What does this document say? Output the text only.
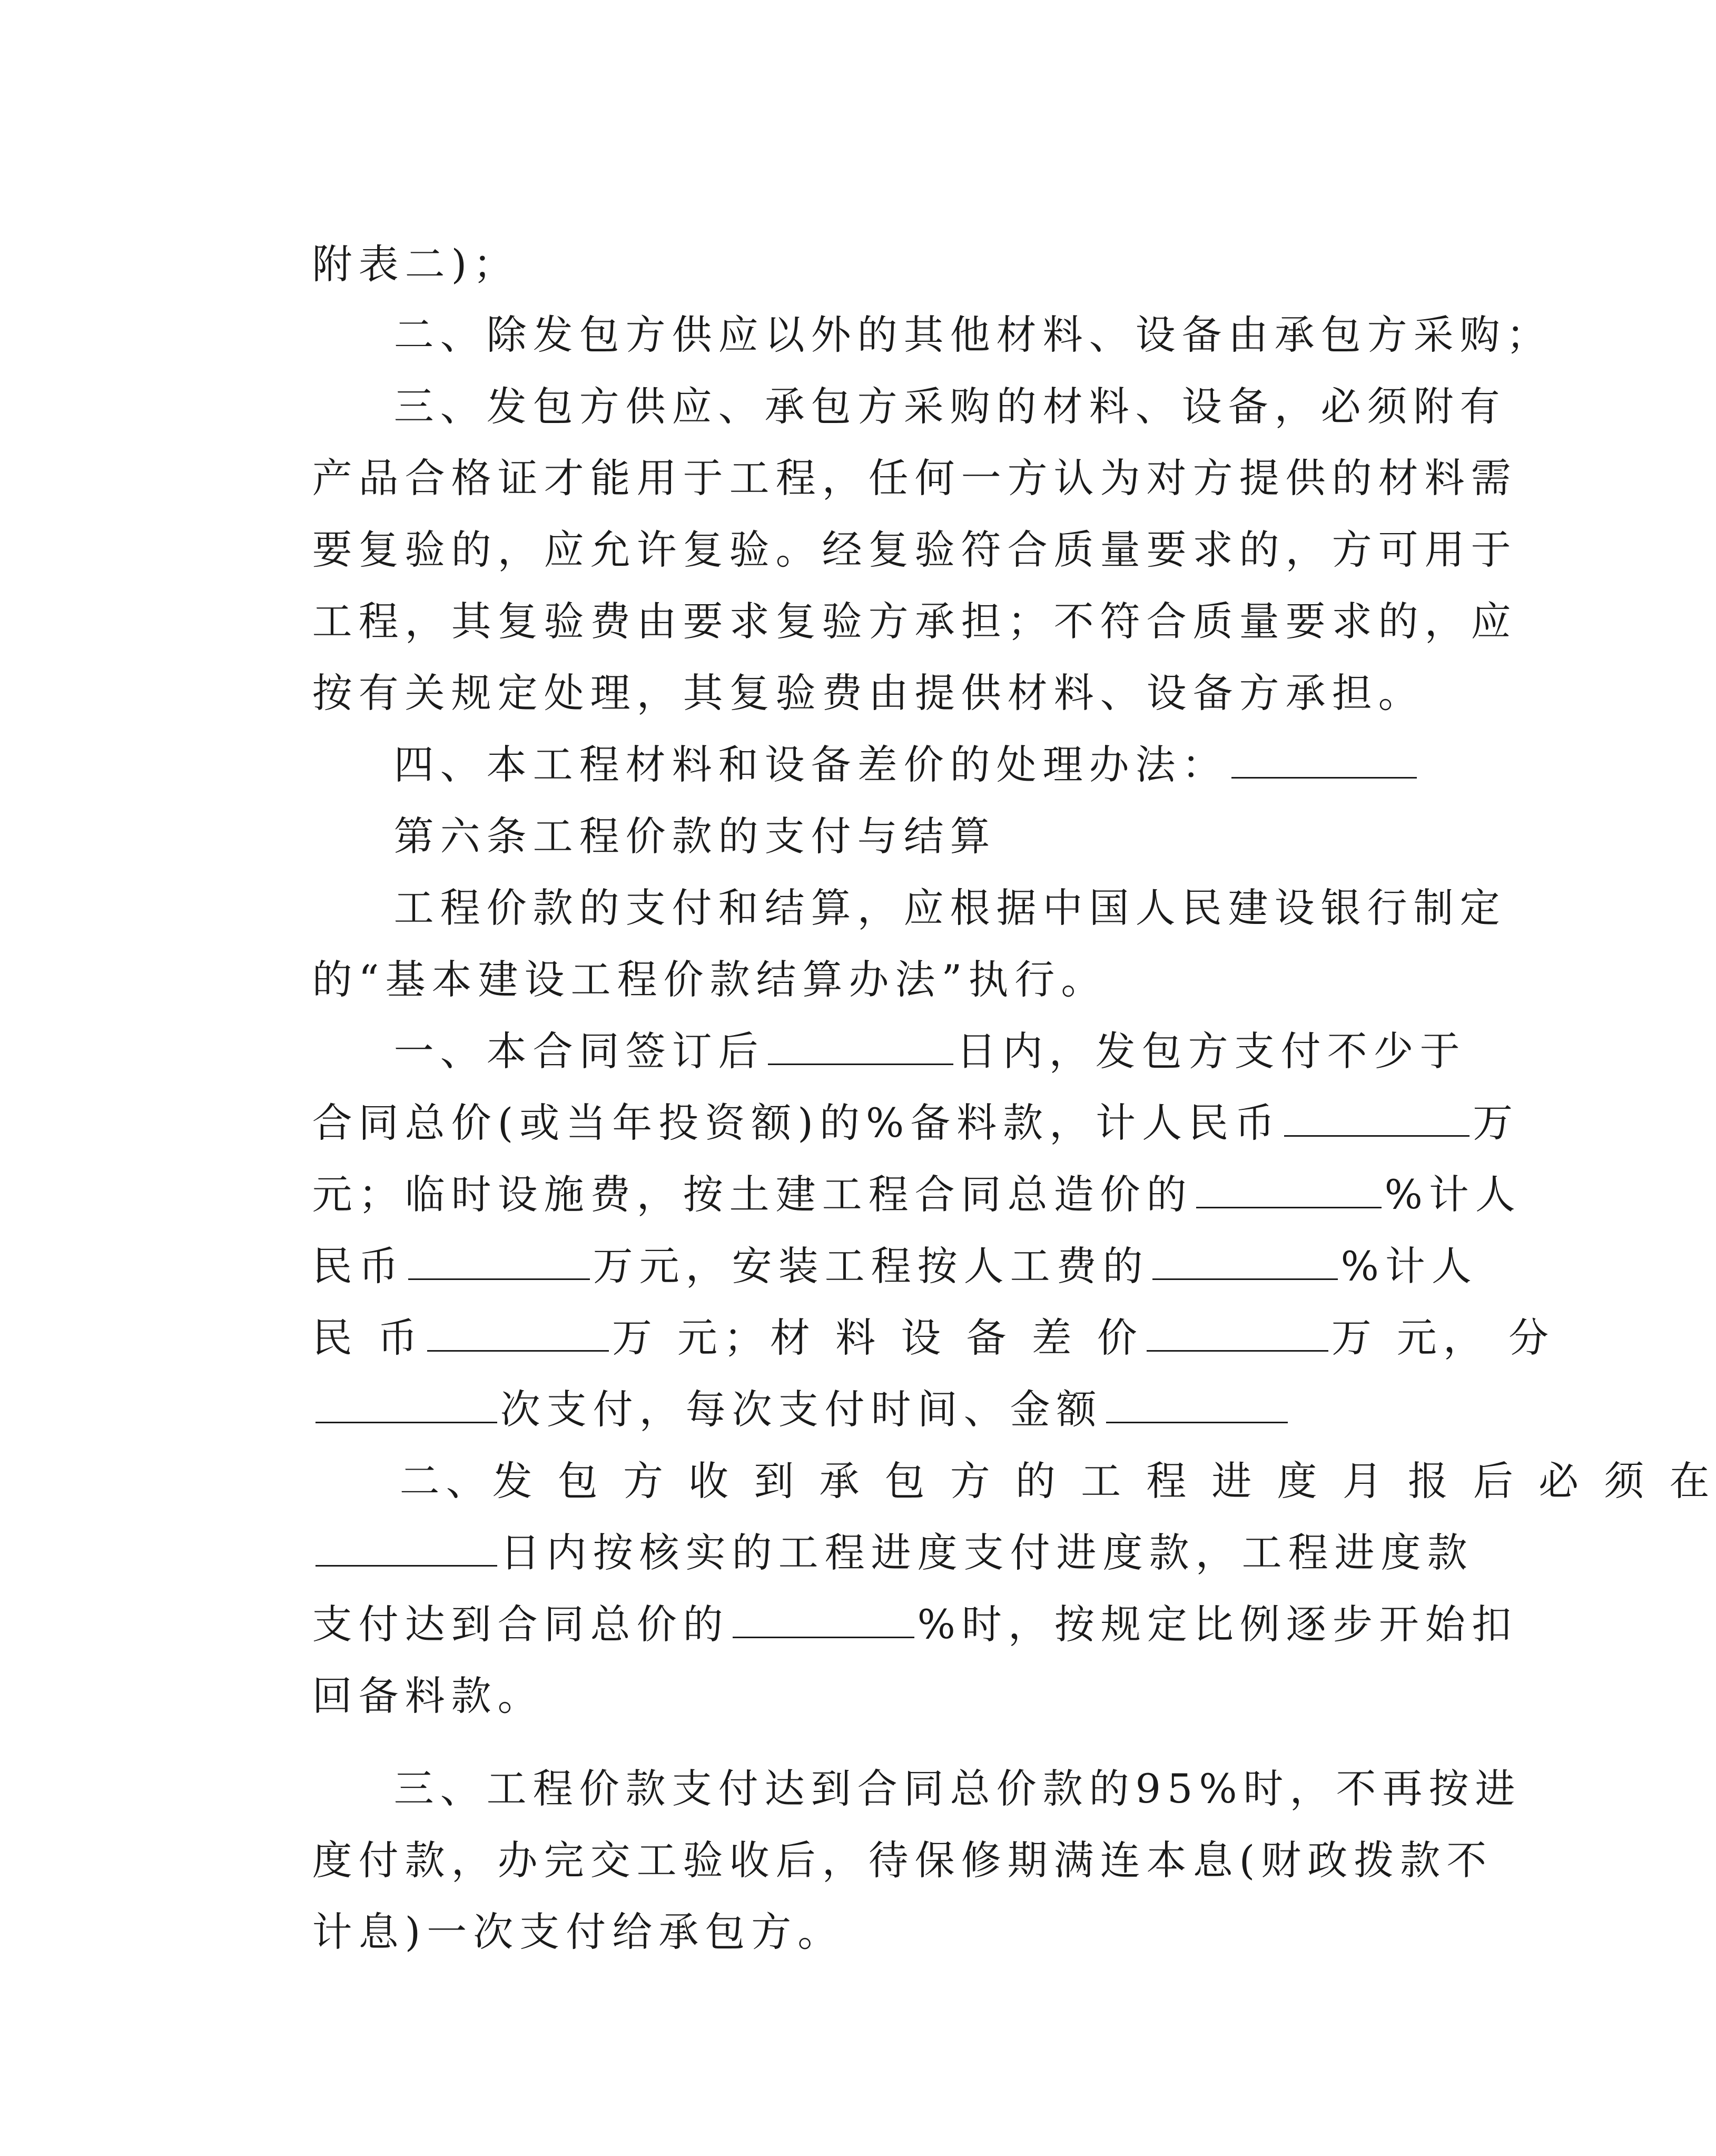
附表二)；

二、除发包方供应以外的其他材料、设备由承包方采购；

三、发包方供应、承包方采购的材料、设备，必须附有

产品合格证才能用于工程，任何一方认为对方提供的材料需

要复验的，应允许复验。经复验符合质量要求的，方可用于

工程，其复验费由要求复验方承担；不符合质量要求的，应

按有关规定处理，其复验费由提供材料、设备方承担。

四、本工程材料和设备差价的处理办法：

第六条工程价款的支付与结算

工程价款的支付和结算，应根据中国人民建设银行制定

的“基本建设工程价款结算办法”执行。

一、本合同签订后	日内，发包方支付不少于

合同总价(或当年投资额)的%备料款，计人民币	万

元；临时设施费，按土建工程合同总造价的	%计人

民币	万元，安装工程按人工费的	%计人

民 币	万 元；材 料 设 备 差 价	万 元， 分

次支付，每次支付时间、金额

二、发 包 方 收 到 承 包 方 的 工 程 进 度 月 报 后 必 须 在

日内按核实的工程进度支付进度款，工程进度款

支付达到合同总价的	%时，按规定比例逐步开始扣

回备料款。

三、工程价款支付达到合同总价款的95%时，不再按进

度付款，办完交工验收后，待保修期满连本息(财政拨款不

计息)一次支付给承包方。
